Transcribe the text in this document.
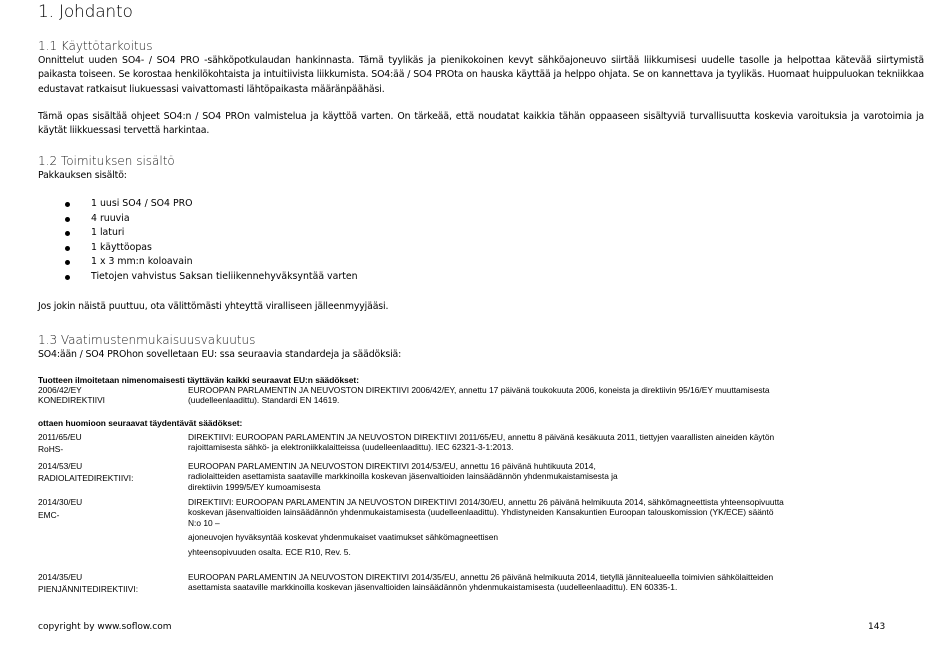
1. Johdanto
1.1 Käyttötarkoitus

Onnittelut uuden SO4- / SO4 PRO -sähköpotkulaudan hankinnasta. Tämä tyylikäs ja pienikokoinen kevyt sähköajoneuvo siirtää liikkumisesi uudelle tasolle ja helpottaa kätevää siirtymistä paikasta toiseen. Se korostaa henkilökohtaista ja intuitiivista liikkumista. SO4:ää / SO4 PROta on hauska käyttää ja helppo ohjata. Se on kannettava ja tyylikäs. Huomaat huippuluokan tekniikkaa edustavat ratkaisut liukuessasi vaivattomasti lähtöpaikasta määränpäähäsi.

Tämä opas sisältää ohjeet SO4:n / SO4 PROn valmistelua ja käyttöä varten. On tärkeää, että noudatat kaikkia tähän oppaaseen sisältyviä turvallisuutta koskevia varoituksia ja varotoimia ja käytät liikkuessasi tervettä harkintaa.

1.2 Toimituksen sisältö

Pakkauksen sisältö:

1 uusi SO4 / SO4 PRO
4 ruuvia
1 laturi
1 käyttöopas
1 x 3 mm:n koloavain
Tietojen vahvistus Saksan tieliikennehyväksyntää varten

Jos jokin näistä puuttuu, ota välittömästi yhteyttä viralliseen jälleenmyyjääsi.

1.3 Vaatimustenmukaisuusvakuutus

SO4:ään / SO4 PROhon sovelletaan EU: ssa seuraavia standardeja ja säädöksiä:

Tuotteen ilmoitetaan nimenomaisesti täyttävän kaikki seuraavat EU:n säädökset:
2006/42/EY
KONEDIREKTIIVI
EUROOPAN PARLAMENTIN JA NEUVOSTON DIREKTIIVI 2006/42/EY, annettu 17 päivänä toukokuuta 2006, koneista ja direktiivin 95/16/EY muuttamisesta
(uudelleenlaadittu). Standardi EN 14619.
ottaen huomioon seuraavat täydentävät säädökset:
2011/65/EU
RoHS-
DIREKTIIVI: EUROOPAN PARLAMENTIN JA NEUVOSTON DIREKTIIVI 2011/65/EU, annettu 8 päivänä kesäkuuta 2011, tiettyjen vaarallisten aineiden käytön
rajoittamisesta sähkö- ja elektroniikkalaitteissa (uudelleenlaadittu). IEC 62321-3-1:2013.
2014/53/EU
RADIOLAITEDIREKTIIVI:
EUROOPAN PARLAMENTIN JA NEUVOSTON DIREKTIIVI 2014/53/EU, annettu 16 päivänä huhtikuuta 2014,
radiolaitteiden asettamista saataville markkinoilla koskevan jäsenvaltioiden lainsäädännön yhdenmukaistamisesta ja
direktiivin 1999/5/EY kumoamisesta
2014/30/EU
EMC-
DIREKTIIVI: EUROOPAN PARLAMENTIN JA NEUVOSTON DIREKTIIVI 2014/30/EU, annettu 26 päivänä helmikuuta 2014, sähkömagneettista yhteensopivuutta
koskevan jäsenvaltioiden lainsäädännön yhdenmukaistamisesta (uudelleenlaadittu). Yhdistyneiden Kansakuntien Euroopan talouskomission (YK/ECE) sääntö
N:o 10 –
ajoneuvojen hyväksyntää koskevat yhdenmukaiset vaatimukset sähkömagneettisen
yhteensopivuuden osalta. ECE R10, Rev. 5.
2014/35/EU
PIENJÄNNITEDIREKTIIVI:
EUROOPAN PARLAMENTIN JA NEUVOSTON DIREKTIIVI 2014/35/EU, annettu 26 päivänä helmikuuta 2014, tietyllä jännitealueella toimivien sähkölaitteiden
asettamista saataville markkinoilla koskevan jäsenvaltioiden lainsäädännön yhdenmukaistamisesta (uudelleenlaadittu). EN 60335-1.
copyright by www.soflow.com	143
